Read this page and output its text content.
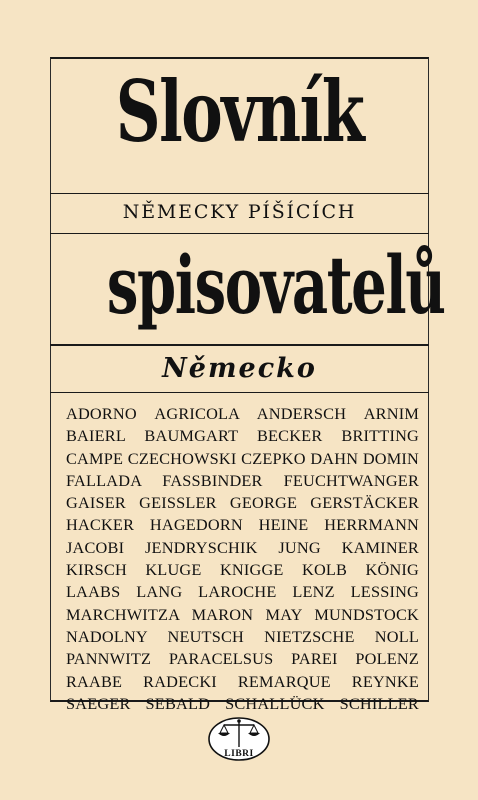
Slovník
NĚMECKY PÍŠÍCÍCH
spisovatelů
Německo
ADORNO AGRICOLA ANDERSCH ARNIM
BAIERL BAUMGART BECKER BRITTING
CAMPE CZECHOWSKI CZEPKO DAHN DOMIN
FALLADA FASSBINDER FEUCHTWANGER
GAISER GEISSLER GEORGE GERSTÄCKER
HACKER HAGEDORN HEINE HERRMANN
JACOBI JENDRYSCHIK JUNG KAMINER
KIRSCH KLUGE KNIGGE KOLB KÖNIG
LAABS LANG LAROCHE LENZ LESSING
MARCHWITZA MARON MAY MUNDSTOCK
NADOLNY NEUTSCH NIETZSCHE NOLL
PANNWITZ PARACELSUS PAREI POLENZ
RAABE RADECKI REMARQUE REYNKE
SAEGER SEBALD SCHALLÜCK SCHILLER
LIBRI
